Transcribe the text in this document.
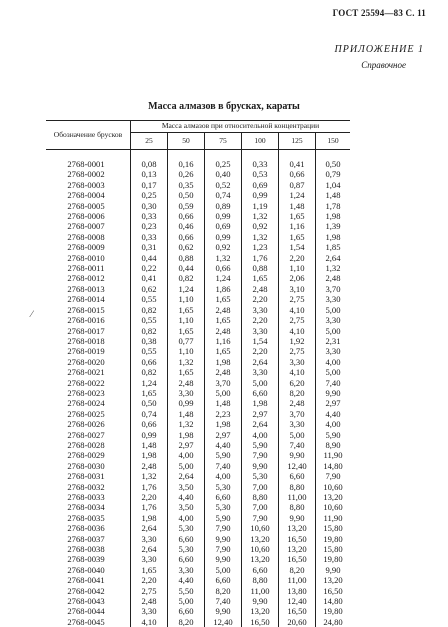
ГОСТ 25594—83 С. 11
ПРИЛОЖЕНИЕ 1
Справочное
Масса алмазов в брусках, караты
⁄
Обозначение брусков	Масса алмазов при относительной концентрации					
	25	50	75	100	125	150
2768-0001	0,08	0,16	0,25	0,33	0,41	0,50
2768-0002	0,13	0,26	0,40	0,53	0,66	0,79
2768-0003	0,17	0,35	0,52	0,69	0,87	1,04
2768-0004	0,25	0,50	0,74	0,99	1,24	1,48
2768-0005	0,30	0,59	0,89	1,19	1,48	1,78
2768-0006	0,33	0,66	0,99	1,32	1,65	1,98
2768-0007	0,23	0,46	0,69	0,92	1,16	1,39
2768-0008	0,33	0,66	0,99	1,32	1,65	1,98
2768-0009	0,31	0,62	0,92	1,23	1,54	1,85
2768-0010	0,44	0,88	1,32	1,76	2,20	2,64
2768-0011	0,22	0,44	0,66	0,88	1,10	1,32
2768-0012	0,41	0,82	1,24	1,65	2,06	2,48
2768-0013	0,62	1,24	1,86	2,48	3,10	3,70
2768-0014	0,55	1,10	1,65	2,20	2,75	3,30
2768-0015	0,82	1,65	2,48	3,30	4,10	5,00
2768-0016	0,55	1,10	1,65	2,20	2,75	3,30
2768-0017	0,82	1,65	2,48	3,30	4,10	5,00
2768-0018	0,38	0,77	1,16	1,54	1,92	2,31
2768-0019	0,55	1,10	1,65	2,20	2,75	3,30
2768-0020	0,66	1,32	1,98	2,64	3,30	4,00
2768-0021	0,82	1,65	2,48	3,30	4,10	5,00
2768-0022	1,24	2,48	3,70	5,00	6,20	7,40
2768-0023	1,65	3,30	5,00	6,60	8,20	9,90
2768-0024	0,50	0,99	1,48	1,98	2,48	2,97
2768-0025	0,74	1,48	2,23	2,97	3,70	4,40
2768-0026	0,66	1,32	1,98	2,64	3,30	4,00
2768-0027	0,99	1,98	2,97	4,00	5,00	5,90
2768-0028	1,48	2,97	4,40	5,90	7,40	8,90
2768-0029	1,98	4,00	5,90	7,90	9,90	11,90
2768-0030	2,48	5,00	7,40	9,90	12,40	14,80
2768-0031	1,32	2,64	4,00	5,30	6,60	7,90
2768-0032	1,76	3,50	5,30	7,00	8,80	10,60
2768-0033	2,20	4,40	6,60	8,80	11,00	13,20
2768-0034	1,76	3,50	5,30	7,00	8,80	10,60
2768-0035	1,98	4,00	5,90	7,90	9,90	11,90
2768-0036	2,64	5,30	7,90	10,60	13,20	15,80
2768-0037	3,30	6,60	9,90	13,20	16,50	19,80
2768-0038	2,64	5,30	7,90	10,60	13,20	15,80
2768-0039	3,30	6,60	9,90	13,20	16,50	19,80
2768-0040	1,65	3,30	5,00	6,60	8,20	9,90
2768-0041	2,20	4,40	6,60	8,80	11,00	13,20
2768-0042	2,75	5,50	8,20	11,00	13,80	16,50
2768-0043	2,48	5,00	7,40	9,90	12,40	14,80
2768-0044	3,30	6,60	9,90	13,20	16,50	19,80
2768-0045	4,10	8,20	12,40	16,50	20,60	24,80
